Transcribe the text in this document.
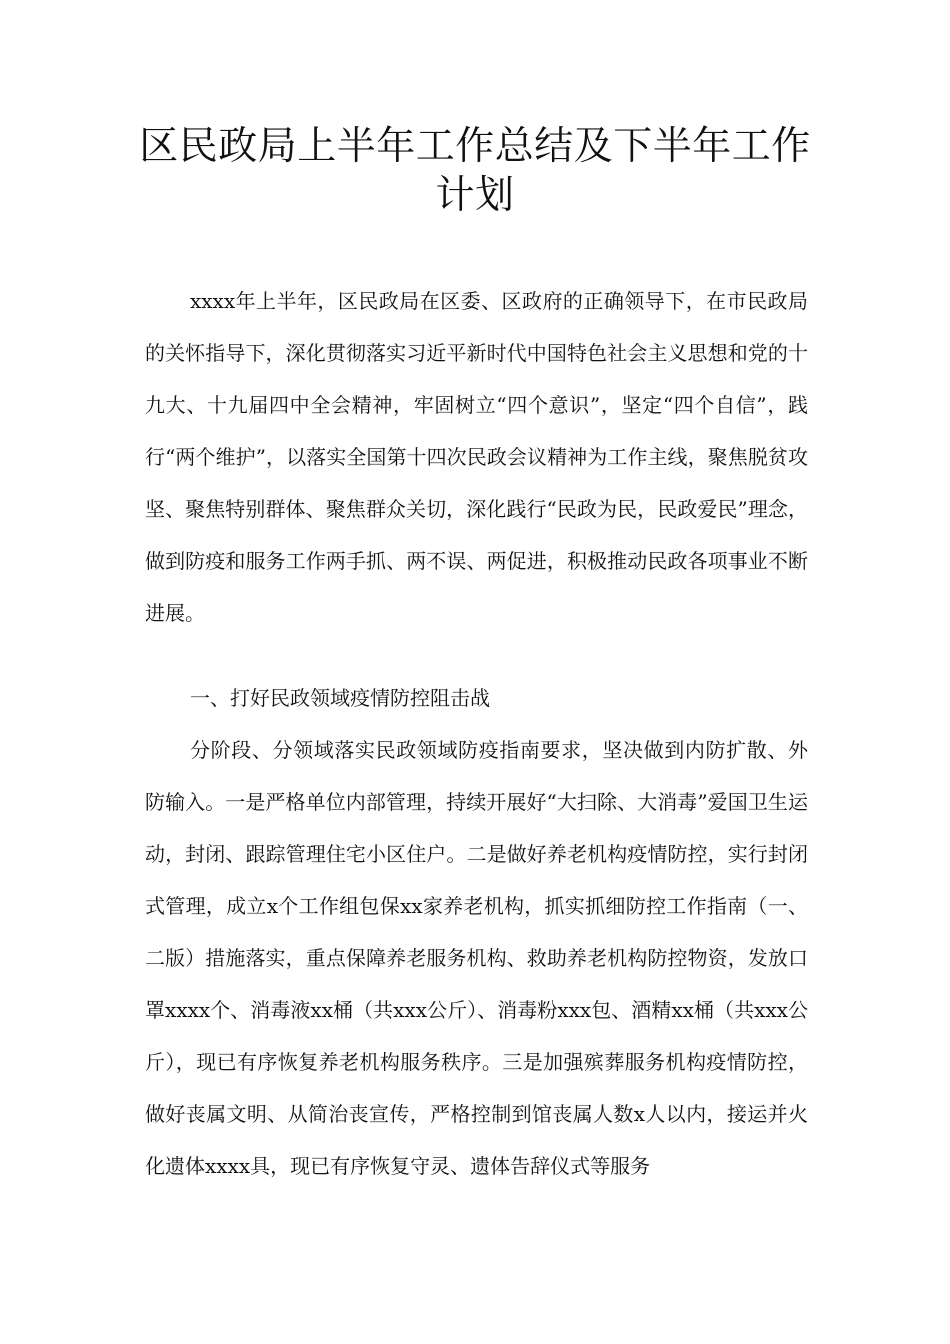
区民政局上半年工作总结及下半年工作
计划

xxxx年上半年，区民政局在区委、区政府的正确领导下，在市民政局的关怀指导下，深化贯彻落实习近平新时代中国特色社会主义思想和党的十九大、十九届四中全会精神，牢固树立“四个意识”，坚定“四个自信”，践行“两个维护”，以落实全国第十四次民政会议精神为工作主线，聚焦脱贫攻坚、聚焦特别群体、聚焦群众关切，深化践行“民政为民，民政爱民”理念，做到防疫和服务工作两手抓、两不误、两促进，积极推动民政各项事业不断进展。

一、打好民政领域疫情防控阻击战

分阶段、分领域落实民政领域防疫指南要求，坚决做到内防扩散、外防输入。一是严格单位内部管理，持续开展好“大扫除、大消毒”爱国卫生运动，封闭、跟踪管理住宅小区住户。二是做好养老机构疫情防控，实行封闭式管理，成立x个工作组包保xx家养老机构，抓实抓细防控工作指南（一、二版）措施落实，重点保障养老服务机构、救助养老机构防控物资，发放口罩xxxx个、消毒液xx桶（共xxx公斤）、消毒粉xxx包、酒精xx桶（共xxx公斤），现已有序恢复养老机构服务秩序。三是加强殡葬服务机构疫情防控，做好丧属文明、从简治丧宣传，严格控制到馆丧属人数x人以内，接运并火化遗体xxxx具，现已有序恢复守灵、遗体告辞仪式等服务
